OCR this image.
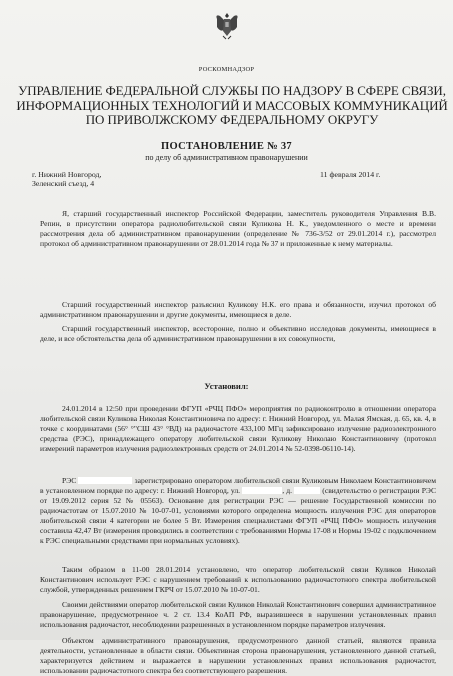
РОСКОМНАДЗОР
УПРАВЛЕНИЕ ФЕДЕРАЛЬНОЙ СЛУЖБЫ ПО НАДЗОРУ В СФЕРЕ СВЯЗИ,
ИНФОРМАЦИОННЫХ ТЕХНОЛОГИЙ И МАССОВЫХ КОММУНИКАЦИЙ
ПО ПРИВОЛЖСКОМУ ФЕДЕРАЛЬНОМУ ОКРУГУ
ПОСТАНОВЛЕНИЕ № 37
по делу об административном правонарушении
г. Нижний Новгород,
Зеленский съезд, 4
11 февраля 2014 г.
Я, старший государственный инспектор Российской Федерации, заместитель руководителя Управления В.В. Репин, в присутствии оператора радиолюбительской связи Куликова Н. К., уведомленного о месте и времени рассмотрения дела об административном правонарушении (определение № 736-3/52 от 29.01.2014 г.), рассмотрел протокол об административном правонарушении от 28.01.2014 года № 37 и приложенные к нему материалы.
Старший государственный инспектор разъяснил Куликову Н.К. его права и обязанности, изучил протокол об административном правонарушении и другие документы, имеющиеся в деле.
Старший государственный инспектор, всесторонне, полно и объективно исследовав документы, имеющиеся в деле, и все обстоятельства дела об административном правонарушении в их совокупности,
Установил:
24.01.2014 в 12:50 при проведении ФГУП «РЧЦ ПФО» мероприятия по радиоконтролю в отношении оператора любительской связи Куликова Николая Константиновича по адресу: г. Нижний Новгород, ул. Малая Ямская, д. 65, кв. 4, в точке с координатами (56° °"СШ 43° °ВД) на радиочастоте 433,100 МГц зафиксировано излучение радиоэлектронного средства (РЭС), принадлежащего оператору любительской связи Куликову Николаю Константиновичу (протокол измерений параметров излучения радиоэлектронных средств от 24.01.2014 № 52-0398-06110-14).
РЭС	зарегистрировано оператором любительской связи Куликовым Николаем Константиновичем в установленном порядке по адресу: г. Нижний Новгород, ул.	, д.	(свидетельство о регистрации РЭС от 19.09.2012 серия 52 № 05563). Основание для регистрации РЭС — решение Государственной комиссии по радиочастотам от 15.07.2010 № 10-07-01, условиями которого определена мощность излучения РЭС для операторов любительской связи 4 категории не более 5 Вт. Измерения специалистами ФГУП «РЧЦ ПФО» мощность излучения составила 42,47 Вт (измерения проводились в соответствии с требованиями Нормы 17-08 и Нормы 19-02 с подключением к РЭС специальными средствами при нормальных условиях).
Таким образом в 11-00 28.01.2014 установлено, что оператор любительской связи Куликов Николай Константинович использует РЭС с нарушением требований к использованию радиочастотного спектра любительской службой, утвержденных решением ГКРЧ от 15.07.2010 № 10-07-01.
Своими действиями оператор любительской связи Куликов Николай Константинович совершил административное правонарушение, предусмотренное ч. 2 ст. 13.4 КоАП РФ, выразившееся в нарушении установленных правил использования радиочастот, несоблюдении разрешенных в установленном порядке параметров излучения.
Объектом административного правонарушения, предусмотренного данной статьей, являются правила деятельности, установленные в области связи. Объективная сторона правонарушения, установленного данной статьей, характеризуется действием и выражается в нарушении установленных правил использования радиочастот, использовании радиочастотного спектра без соответствующего разрешения.
